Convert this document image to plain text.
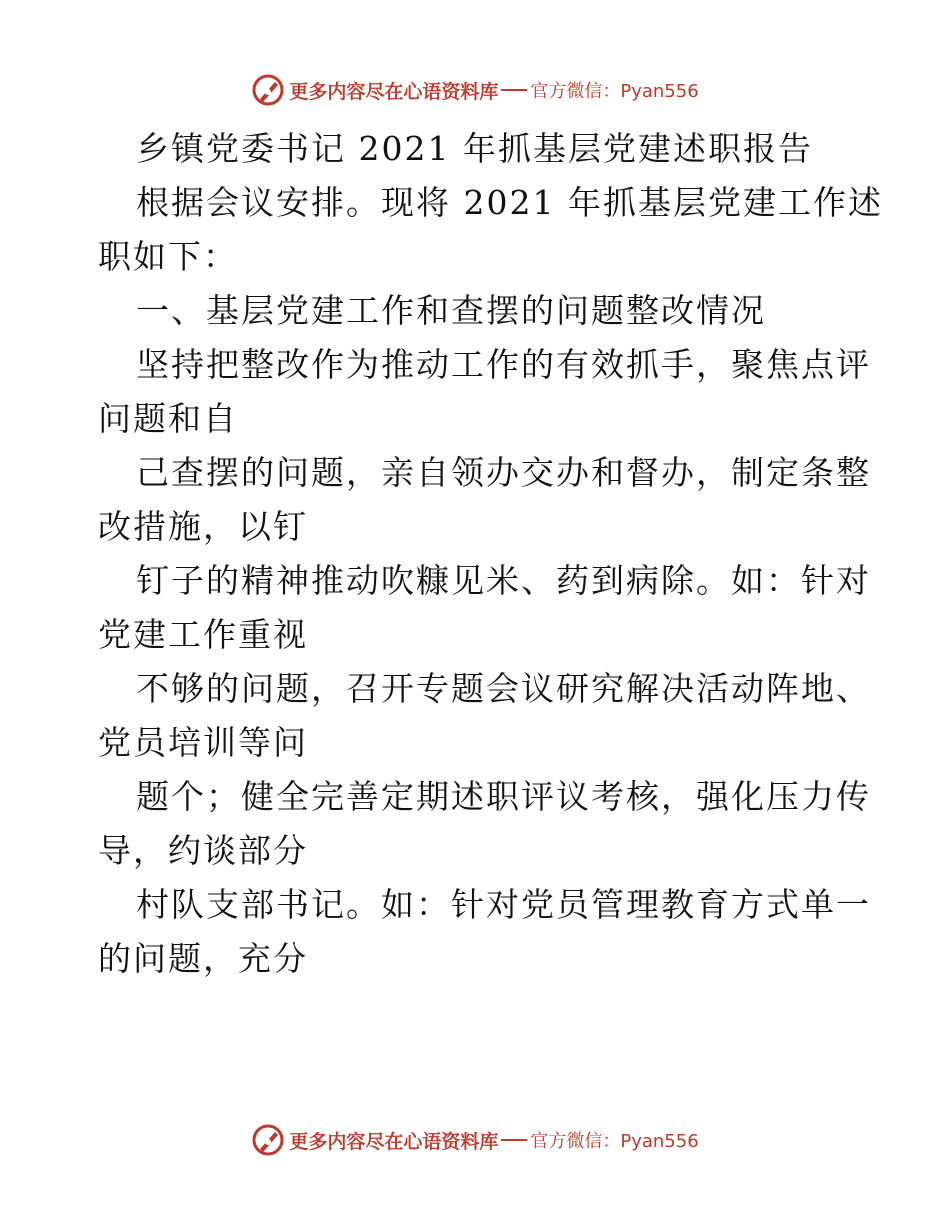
更多内容尽在心语资料库 官方微信：Pyan556
乡镇党委书记 2021 年抓基层党建述职报告
根据会议安排。现将 2021 年抓基层党建工作述
职如下：
一、基层党建工作和查摆的问题整改情况
坚持把整改作为推动工作的有效抓手，聚焦点评
问题和自
己查摆的问题，亲自领办交办和督办，制定条整
改措施，以钉
钉子的精神推动吹糠见米、药到病除。如：针对
党建工作重视
不够的问题，召开专题会议研究解决活动阵地、
党员培训等问
题个；健全完善定期述职评议考核，强化压力传
导，约谈部分
村队支部书记。如：针对党员管理教育方式单一
的问题，充分
更多内容尽在心语资料库 官方微信：Pyan556
